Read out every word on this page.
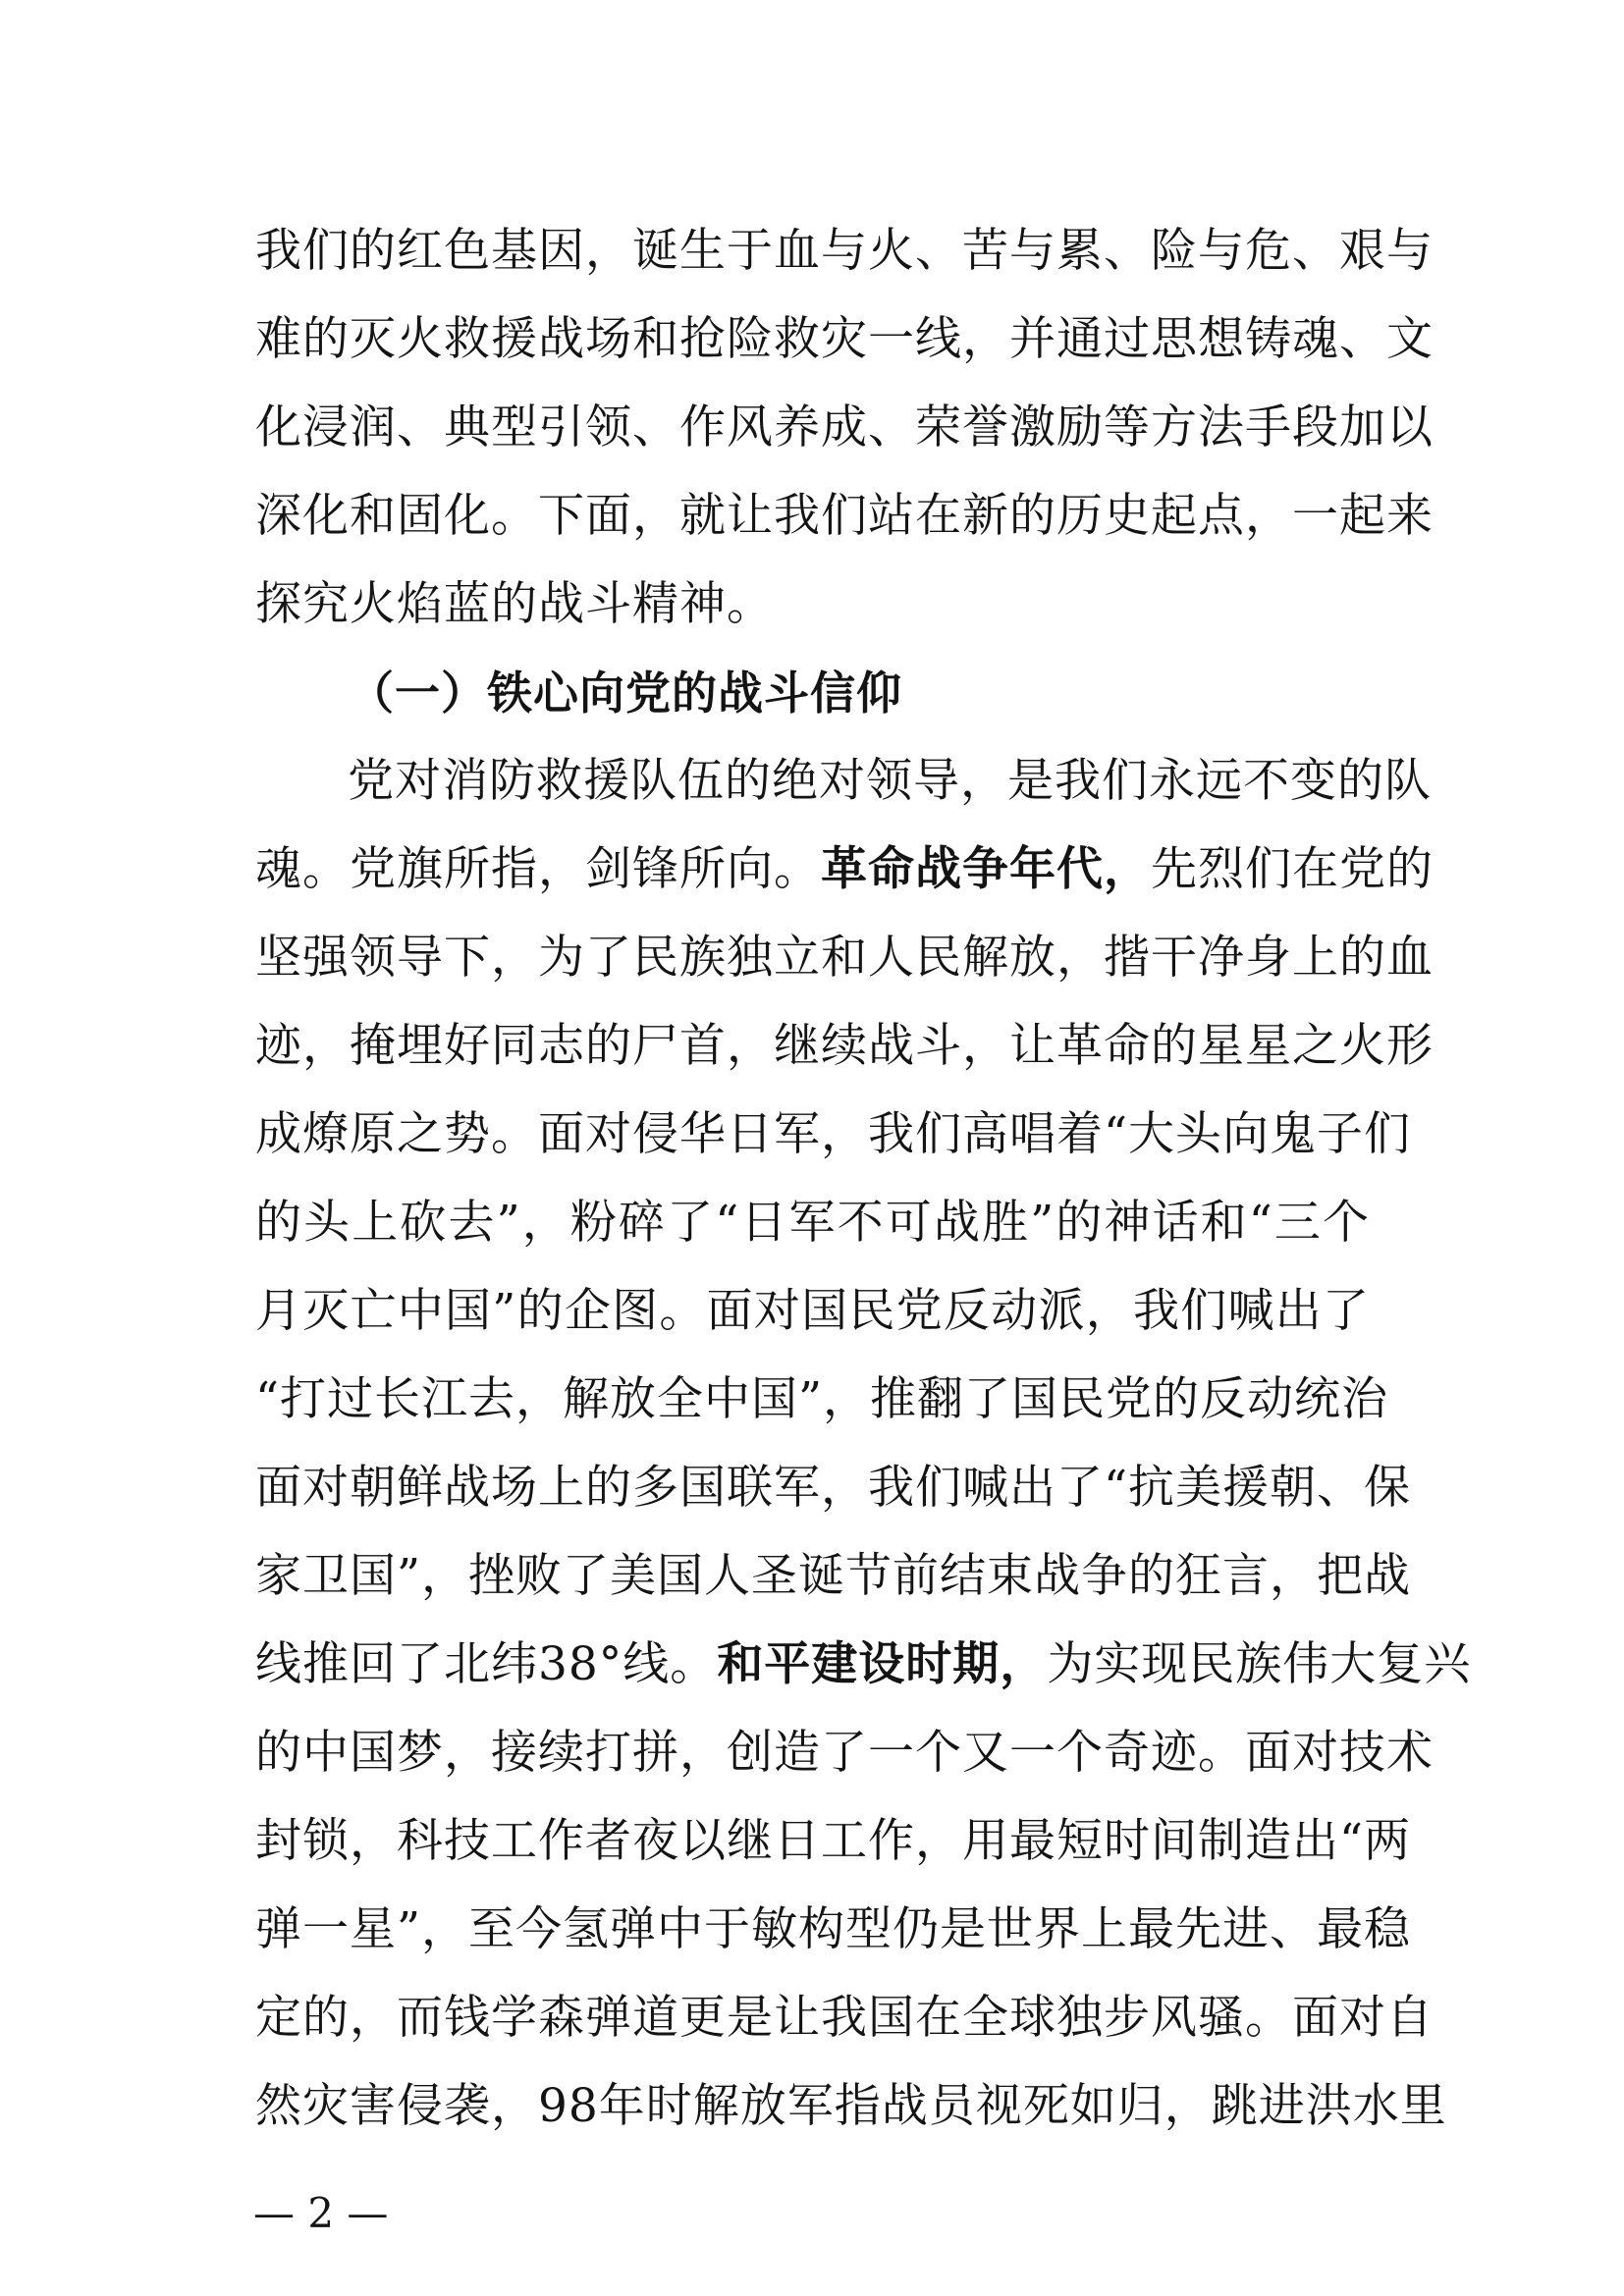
我们的红色基因，诞生于血与火、苦与累、险与危、艰与
难的灭火救援战场和抢险救灾一线，并通过思想铸魂、文
化浸润、典型引领、作风养成、荣誉激励等方法手段加以
深化和固化。下面，就让我们站在新的历史起点，一起来
探究火焰蓝的战斗精神。
（一）铁心向党的战斗信仰
党对消防救援队伍的绝对领导，是我们永远不变的队
魂。党旗所指，剑锋所向。革命战争年代，先烈们在党的
坚强领导下，为了民族独立和人民解放，揩干净身上的血
迹，掩埋好同志的尸首，继续战斗，让革命的星星之火形
成燎原之势。面对侵华日军，我们高唱着“大头向鬼子们
的头上砍去”，粉碎了“日军不可战胜”的神话和“三个
月灭亡中国”的企图。面对国民党反动派，我们喊出了
“打过长江去，解放全中国”，推翻了国民党的反动统治
面对朝鲜战场上的多国联军，我们喊出了“抗美援朝、保
家卫国”，挫败了美国人圣诞节前结束战争的狂言，把战
线推回了北纬38°线。和平建设时期，为实现民族伟大复兴
的中国梦，接续打拼，创造了一个又一个奇迹。面对技术
封锁，科技工作者夜以继日工作，用最短时间制造出“两
弹一星”，至今氢弹中于敏构型仍是世界上最先进、最稳
定的，而钱学森弹道更是让我国在全球独步风骚。面对自
然灾害侵袭，98年时解放军指战员视死如归，跳进洪水里
— 2 —
